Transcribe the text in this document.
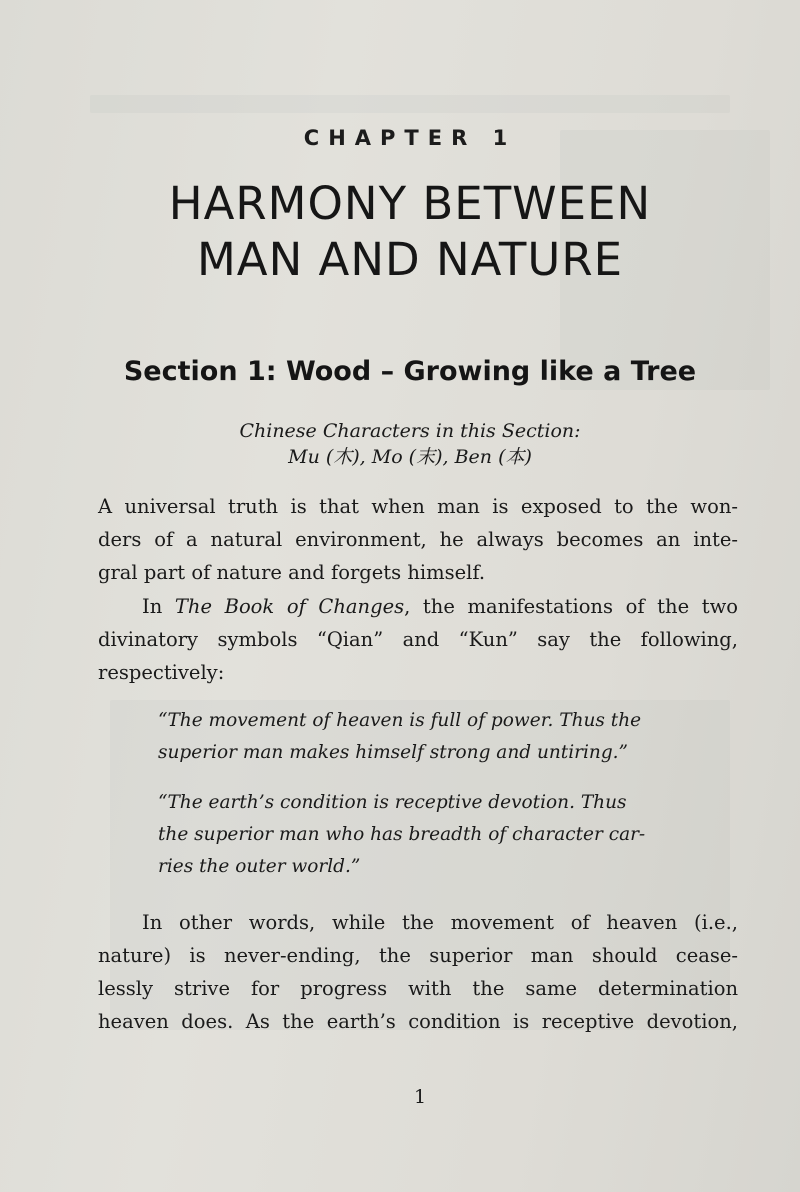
CHAPTER 1
HARMONY BETWEEN
MAN AND NATURE
Section 1: Wood – Growing like a Tree
Chinese Characters in this Section:
Mu (木), Mo (末), Ben (本)
A universal truth is that when man is exposed to the won-
ders of a natural environment, he always becomes an inte-
gral part of nature and forgets himself.
In The Book of Changes, the manifestations of the two
divinatory symbols “Qian” and “Kun” say the following,
respectively:
“The movement of heaven is full of power. Thus the
superior man makes himself strong and untiring.”
“The earth’s condition is receptive devotion. Thus
the superior man who has breadth of character car-
ries the outer world.”
In other words, while the movement of heaven (i.e.,
nature) is never-ending, the superior man should cease-
lessly strive for progress with the same determination
heaven does. As the earth’s condition is receptive devotion,
1
